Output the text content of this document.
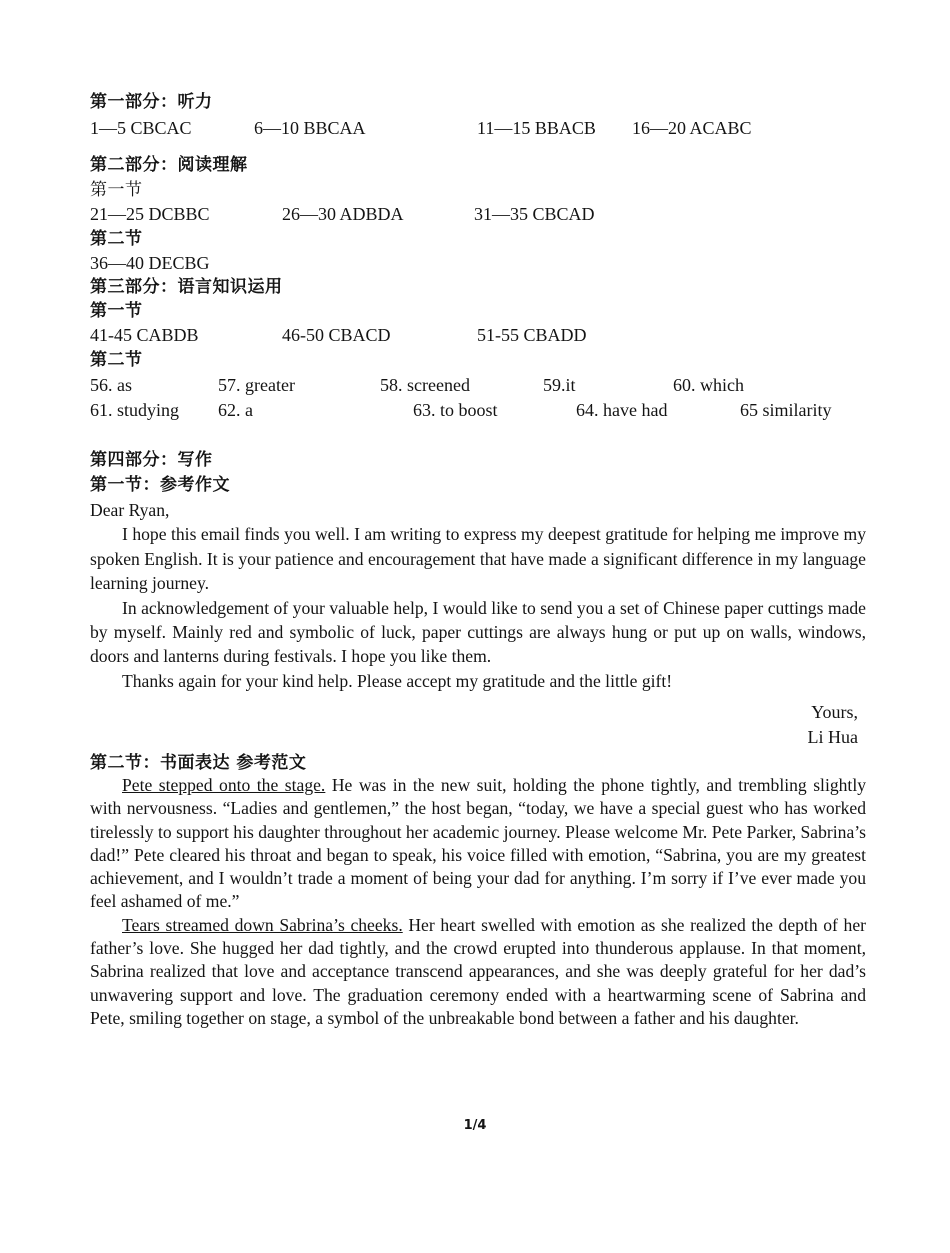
第一部分：听力
1—5 CBCAC	6—10 BBCAA	11—15 BBACB 16—20 ACABC
第二部分：阅读理解
第一节
21—25 DCBBC	26—30 ADBDA	31—35 CBCAD
第二节
36—40 DECBG
第三部分：语言知识运用
第一节
41-45 CABDB	46-50 CBACD	51-55 CBADD
第二节
56. as	57. greater	58. screened	59.it	60. which
61. studying 62. a	63. to boost	64. have had	65 similarity
第四部分：写作
第一节：参考作文

Dear Ryan,

I hope this email finds you well. I am writing to express my deepest gratitude for helping me improve my spoken English. It is your patience and encouragement that have made a significant difference in my language learning journey.

In acknowledgement of your valuable help, I would like to send you a set of Chinese paper cuttings made by myself. Mainly red and symbolic of luck, paper cuttings are always hung or put up on walls, windows, doors and lanterns during festivals. I hope you like them.

Thanks again for your kind help. Please accept my gratitude and the little gift!

Yours,
Li Hua
第二节：书面表达 参考范文

Pete stepped onto the stage. He was in the new suit, holding the phone tightly, and trembling slightly with nervousness. “Ladies and gentlemen,” the host began, “today, we have a special guest who has worked tirelessly to support his daughter throughout her academic journey. Please welcome Mr. Pete Parker, Sabrina’s dad!” Pete cleared his throat and began to speak, his voice filled with emotion, “Sabrina, you are my greatest achievement, and I wouldn’t trade a moment of being your dad for anything. I’m sorry if I’ve ever made you feel ashamed of me.”

Tears streamed down Sabrina’s cheeks. Her heart swelled with emotion as she realized the depth of her father’s love. She hugged her dad tightly, and the crowd erupted into thunderous applause. In that moment, Sabrina realized that love and acceptance transcend appearances, and she was deeply grateful for her dad’s unwavering support and love. The graduation ceremony ended with a heartwarming scene of Sabrina and Pete, smiling together on stage, a symbol of the unbreakable bond between a father and his daughter.

1/4
